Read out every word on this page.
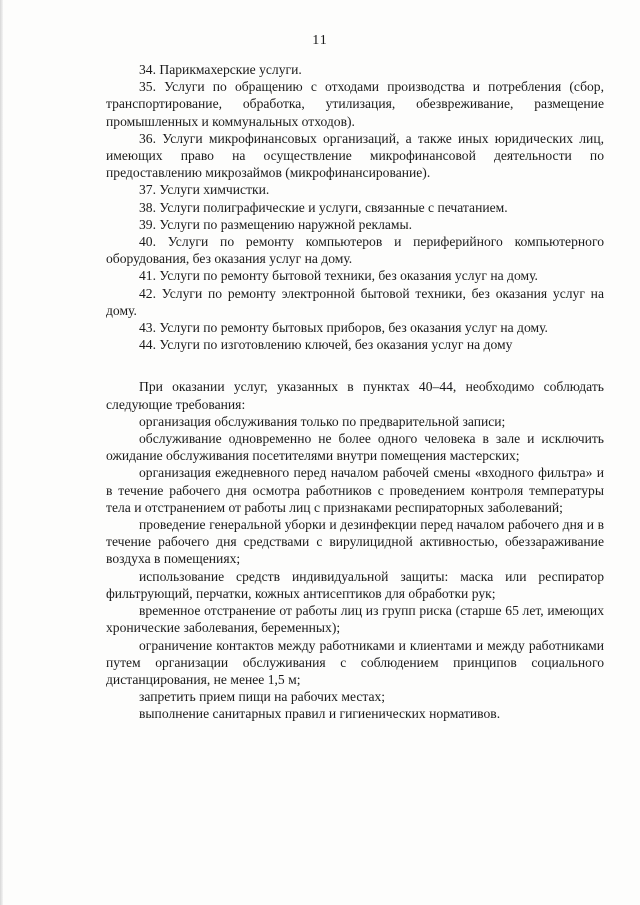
11

34. Парикмахерские услуги.

35. Услуги по обращению с отходами производства и потребления (сбор, транспортирование, обработка, утилизация, обезвреживание, размещение промышленных и коммунальных отходов).

36. Услуги микрофинансовых организаций, а также иных юридических лиц, имеющих право на осуществление микрофинансовой деятельности по предоставлению микрозаймов (микрофинансирование).

37. Услуги химчистки.

38. Услуги полиграфические и услуги, связанные с печатанием.

39. Услуги по размещению наружной рекламы.

40. Услуги по ремонту компьютеров и периферийного компьютерного оборудования, без оказания услуг на дому.

41. Услуги по ремонту бытовой техники, без оказания услуг на дому.

42. Услуги по ремонту электронной бытовой техники, без оказания услуг на дому.

43. Услуги по ремонту бытовых приборов, без оказания услуг на дому.

44. Услуги по изготовлению ключей, без оказания услуг на дому

При оказании услуг, указанных в пунктах 40–44, необходимо соблюдать следующие требования:

организация обслуживания только по предварительной записи;

обслуживание одновременно не более одного человека в зале и исключить ожидание обслуживания посетителями внутри помещения мастерских;

организация ежедневного перед началом рабочей смены «входного фильтра» и в течение рабочего дня осмотра работников с проведением контроля температуры тела и отстранением от работы лиц с признаками респираторных заболеваний;

проведение генеральной уборки и дезинфекции перед началом рабочего дня и в течение рабочего дня средствами с вирулицидной активностью, обеззараживание воздуха в помещениях;

использование средств индивидуальной защиты: маска или респиратор фильтрующий, перчатки, кожных антисептиков для обработки рук;

временное отстранение от работы лиц из групп риска (старше 65 лет, имеющих хронические заболевания, беременных);

ограничение контактов между работниками и клиентами и между работниками путем организации обслуживания с соблюдением принципов социального дистанцирования, не менее 1,5 м;

запретить прием пищи на рабочих местах;

выполнение санитарных правил и гигиенических нормативов.
